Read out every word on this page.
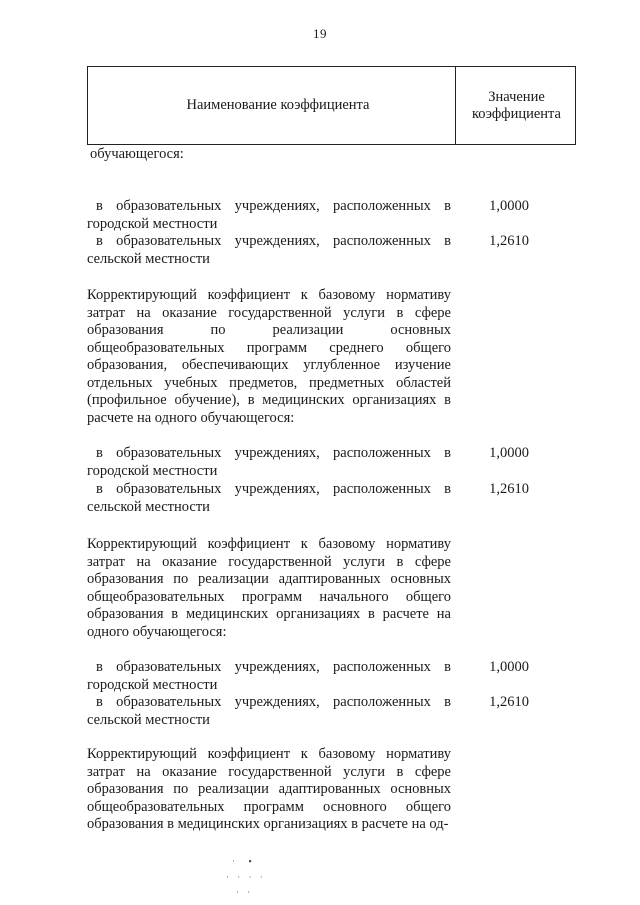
19
Наименование коэффициента	Значение
коэффициента
обучающегося:
в образовательных учреждениях, расположенных в городской местности
1,0000
в образовательных учреждениях, расположенных в сельской местности
1,2610
Корректирующий коэффициент к базовому нормативу затрат на оказание государственной услуги в сфере образования по реализации основных общеобразовательных программ среднего общего образования, обеспечивающих углубленное изучение отдельных учебных предметов, предметных областей (профильное обучение), в медицинских организациях в расчете на одного обучающегося:
в образовательных учреждениях, расположенных в городской местности
1,0000
в образовательных учреждениях, расположенных в сельской местности
1,2610
Корректирующий коэффициент к базовому нормативу затрат на оказание государственной услуги в сфере образования по реализации адаптированных основных общеобразовательных программ начального общего образования в медицинских организациях в расчете на одного обучающегося:
в образовательных учреждениях, расположенных в городской местности
1,0000
в образовательных учреждениях, расположенных в сельской местности
1,2610
Корректирующий коэффициент к базовому нормативу затрат на оказание государственной услуги в сфере образования по реализации адаптированных основных общеобразовательных программ основного общего образования в медицинских организациях в расчете на од-
·  ▪
· · · ·
· ·
